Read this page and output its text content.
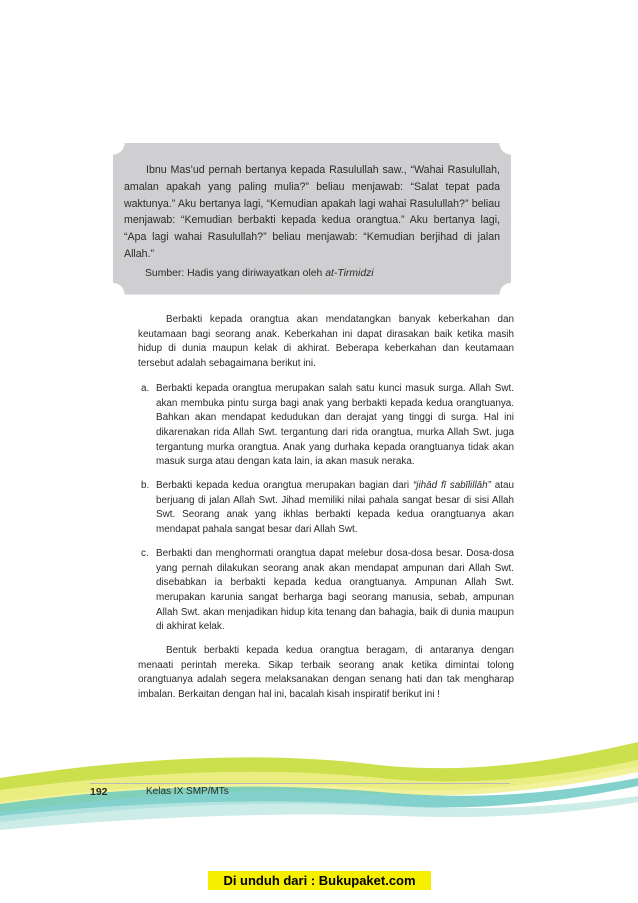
Ibnu Mas’ud pernah bertanya kepada Rasulullah saw., “Wahai Rasulullah, amalan apakah yang paling mulia?” beliau menjawab: “Salat tepat pada waktunya.” Aku bertanya lagi, “Kemudian apakah lagi wahai Rasulullah?” beliau menjawab: “Kemudian berbakti kepada kedua orangtua.” Aku bertanya lagi, “Apa lagi wahai Rasulullah?” beliau menjawab: “Kemudian berjihad di jalan Allah.”

Sumber: Hadis yang diriwayatkan oleh at-Tirmidzi

Berbakti kepada orangtua akan mendatangkan banyak keberkahan dan keutamaan bagi seorang anak. Keberkahan ini dapat dirasakan baik ketika masih hidup di dunia maupun kelak di akhirat. Beberapa keberkahan dan keutamaan tersebut adalah sebagaimana berikut ini.

a. Berbakti kepada orangtua merupakan salah satu kunci masuk surga. Allah Swt. akan membuka pintu surga bagi anak yang berbakti kepada kedua orangtuanya. Bahkan akan mendapat kedudukan dan derajat yang tinggi di surga. Hal ini dikarenakan rida Allah Swt. tergantung dari rida orangtua, murka Allah Swt. juga tergantung murka orangtua. Anak yang durhaka kepada orangtuanya tidak akan masuk surga atau dengan kata lain, ia akan masuk neraka.
b. Berbakti kepada kedua orangtua merupakan bagian dari “jihād fī sabīlillāh” atau berjuang di jalan Allah Swt. Jihad memiliki nilai pahala sangat besar di sisi Allah Swt. Seorang anak yang ikhlas berbakti kepada kedua orangtuanya akan mendapat pahala sangat besar dari Allah Swt.
c. Berbakti dan menghormati orangtua dapat melebur dosa-dosa besar. Dosa-dosa yang pernah dilakukan seorang anak akan mendapat ampunan dari Allah Swt. disebabkan ia berbakti kepada kedua orangtuanya. Ampunan Allah Swt. merupakan karunia sangat berharga bagi seorang manusia, sebab, ampunan Allah Swt. akan menjadikan hidup kita tenang dan bahagia, baik di dunia maupun di akhirat kelak.

Bentuk berbakti kepada kedua orangtua beragam, di antaranya dengan menaati perintah mereka. Sikap terbaik seorang anak ketika dimintai tolong orangtuanya adalah segera melaksanakan dengan senang hati dan tak mengharap imbalan. Berkaitan dengan hal ini, bacalah kisah inspiratif berikut ini !

192	Kelas IX SMP/MTs
Di unduh dari : Bukupaket.com
